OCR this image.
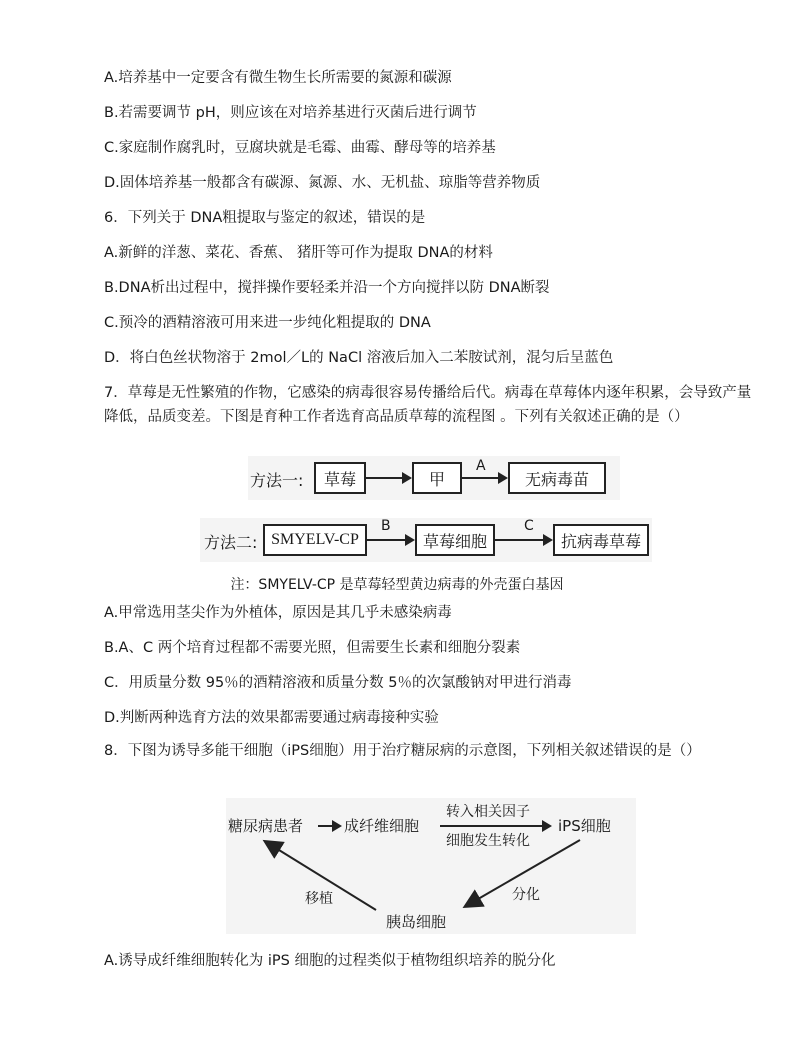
A.培养基中一定要含有微生物生长所需要的氮源和碳源
B.若需要调节 pH，则应该在对培养基进行灭菌后进行调节
C.家庭制作腐乳时，豆腐块就是毛霉、曲霉、酵母等的培养基
D.固体培养基一般都含有碳源、氮源、水、无机盐、琼脂等营养物质
6．下列关于 DNA粗提取与鉴定的叙述，错误的是
A.新鲜的洋葱、菜花、香蕉、 猪肝等可作为提取 DNA的材料
B.DNA析出过程中，搅拌操作要轻柔并沿一个方向搅拌以防 DNA断裂
C.预冷的酒精溶液可用来进一步纯化粗提取的 DNA
D．将白色丝状物溶于 2mol／L的 NaCl 溶液后加入二苯胺试剂，混匀后呈蓝色
7．草莓是无性繁殖的作物，它感染的病毒很容易传播给后代。病毒在草莓体内逐年积累，会导致产量降低，品质变差。下图是育种工作者选育高品质草莓的流程图 。下列有关叙述正确的是（）
方法一:	草莓	甲
A
无病毒苗
方法二: SMYELV-CP
B
草莓细胞
C
抗病毒草莓
注：SMYELV-CP 是草莓轻型黄边病毒的外壳蛋白基因
A.甲常选用茎尖作为外植体，原因是其几乎未感染病毒
B.A、C 两个培育过程都不需要光照，但需要生长素和细胞分裂素
C．用质量分数 95％的酒精溶液和质量分数 5％的次氯酸钠对甲进行消毒
D.判断两种选育方法的效果都需要通过病毒接种实验
8．下图为诱导多能干细胞（iPS细胞）用于治疗糖尿病的示意图，下列相关叙述错误的是（）
糖尿病患者	成纤维细胞
转入相关因子
细胞发生转化
iPS细胞
分化
移植
胰岛细胞
A.诱导成纤维细胞转化为 iPS 细胞的过程类似于植物组织培养的脱分化
